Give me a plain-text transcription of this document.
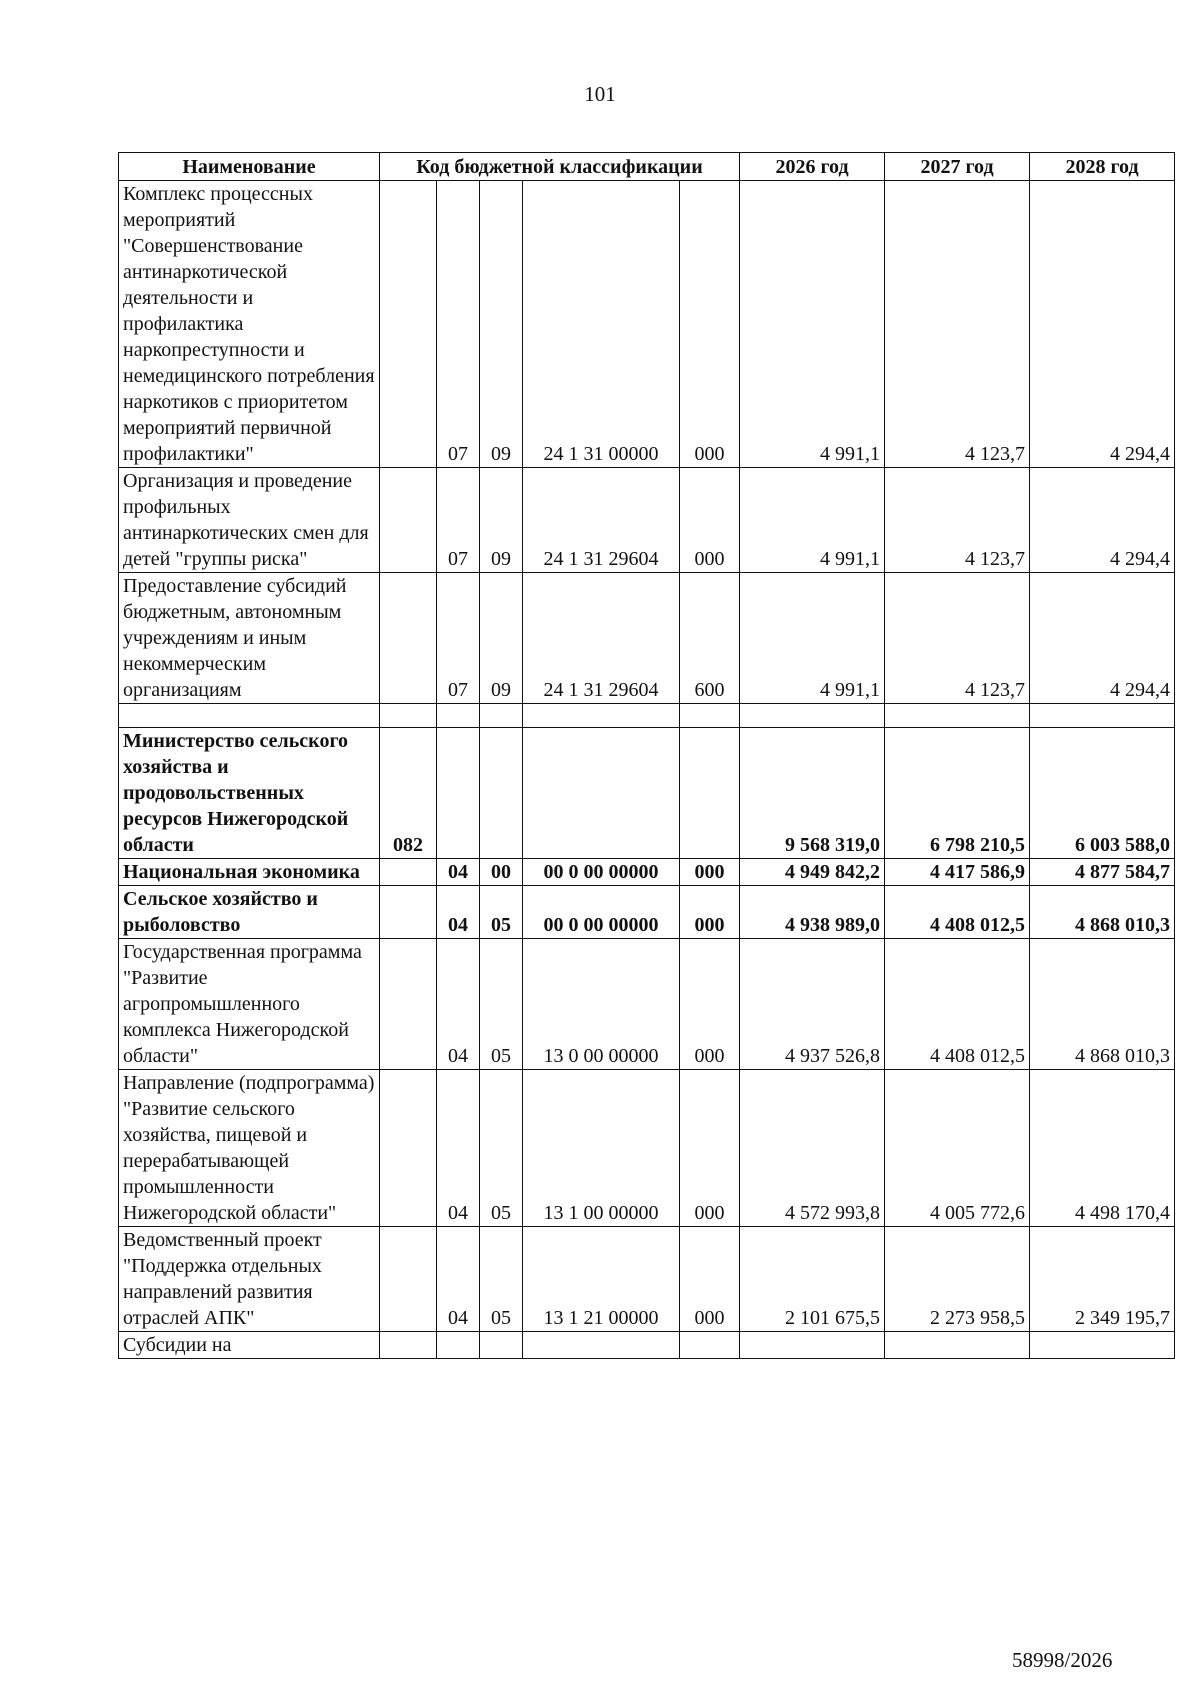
101
Наименование	Код бюджетной классификации					2026 год	2027 год	2028 год
Комплекс процессных мероприятий "Совершенствование антинаркотической деятельности и профилактика наркопреступности и немедицинского потребления наркотиков с приоритетом мероприятий первичной профилактики"		07	09	24 1 31 00000	000	4 991,1	4 123,7	4 294,4
Организация и проведение профильных антинаркотических смен для детей "группы риска"		07	09	24 1 31 29604	000	4 991,1	4 123,7	4 294,4
Предоставление субсидий бюджетным, автономным учреждениям и иным некоммерческим организациям		07	09	24 1 31 29604	600	4 991,1	4 123,7	4 294,4

Министерство сельского хозяйства и продовольственных ресурсов Нижегородской области	082					9 568 319,0	6 798 210,5	6 003 588,0
Национальная экономика		04	00	00 0 00 00000	000	4 949 842,2	4 417 586,9	4 877 584,7
Сельское хозяйство и рыболовство		04	05	00 0 00 00000	000	4 938 989,0	4 408 012,5	4 868 010,3
Государственная программа "Развитие агропромышленного комплекса Нижегородской области"		04	05	13 0 00 00000	000	4 937 526,8	4 408 012,5	4 868 010,3
Направление (подпрограмма) "Развитие сельского хозяйства, пищевой и перерабатывающей промышленности Нижегородской области"		04	05	13 1 00 00000	000	4 572 993,8	4 005 772,6	4 498 170,4
Ведомственный проект "Поддержка отдельных направлений развития отраслей АПК"		04	05	13 1 21 00000	000	2 101 675,5	2 273 958,5	2 349 195,7
Субсидии на								
58998/2026
